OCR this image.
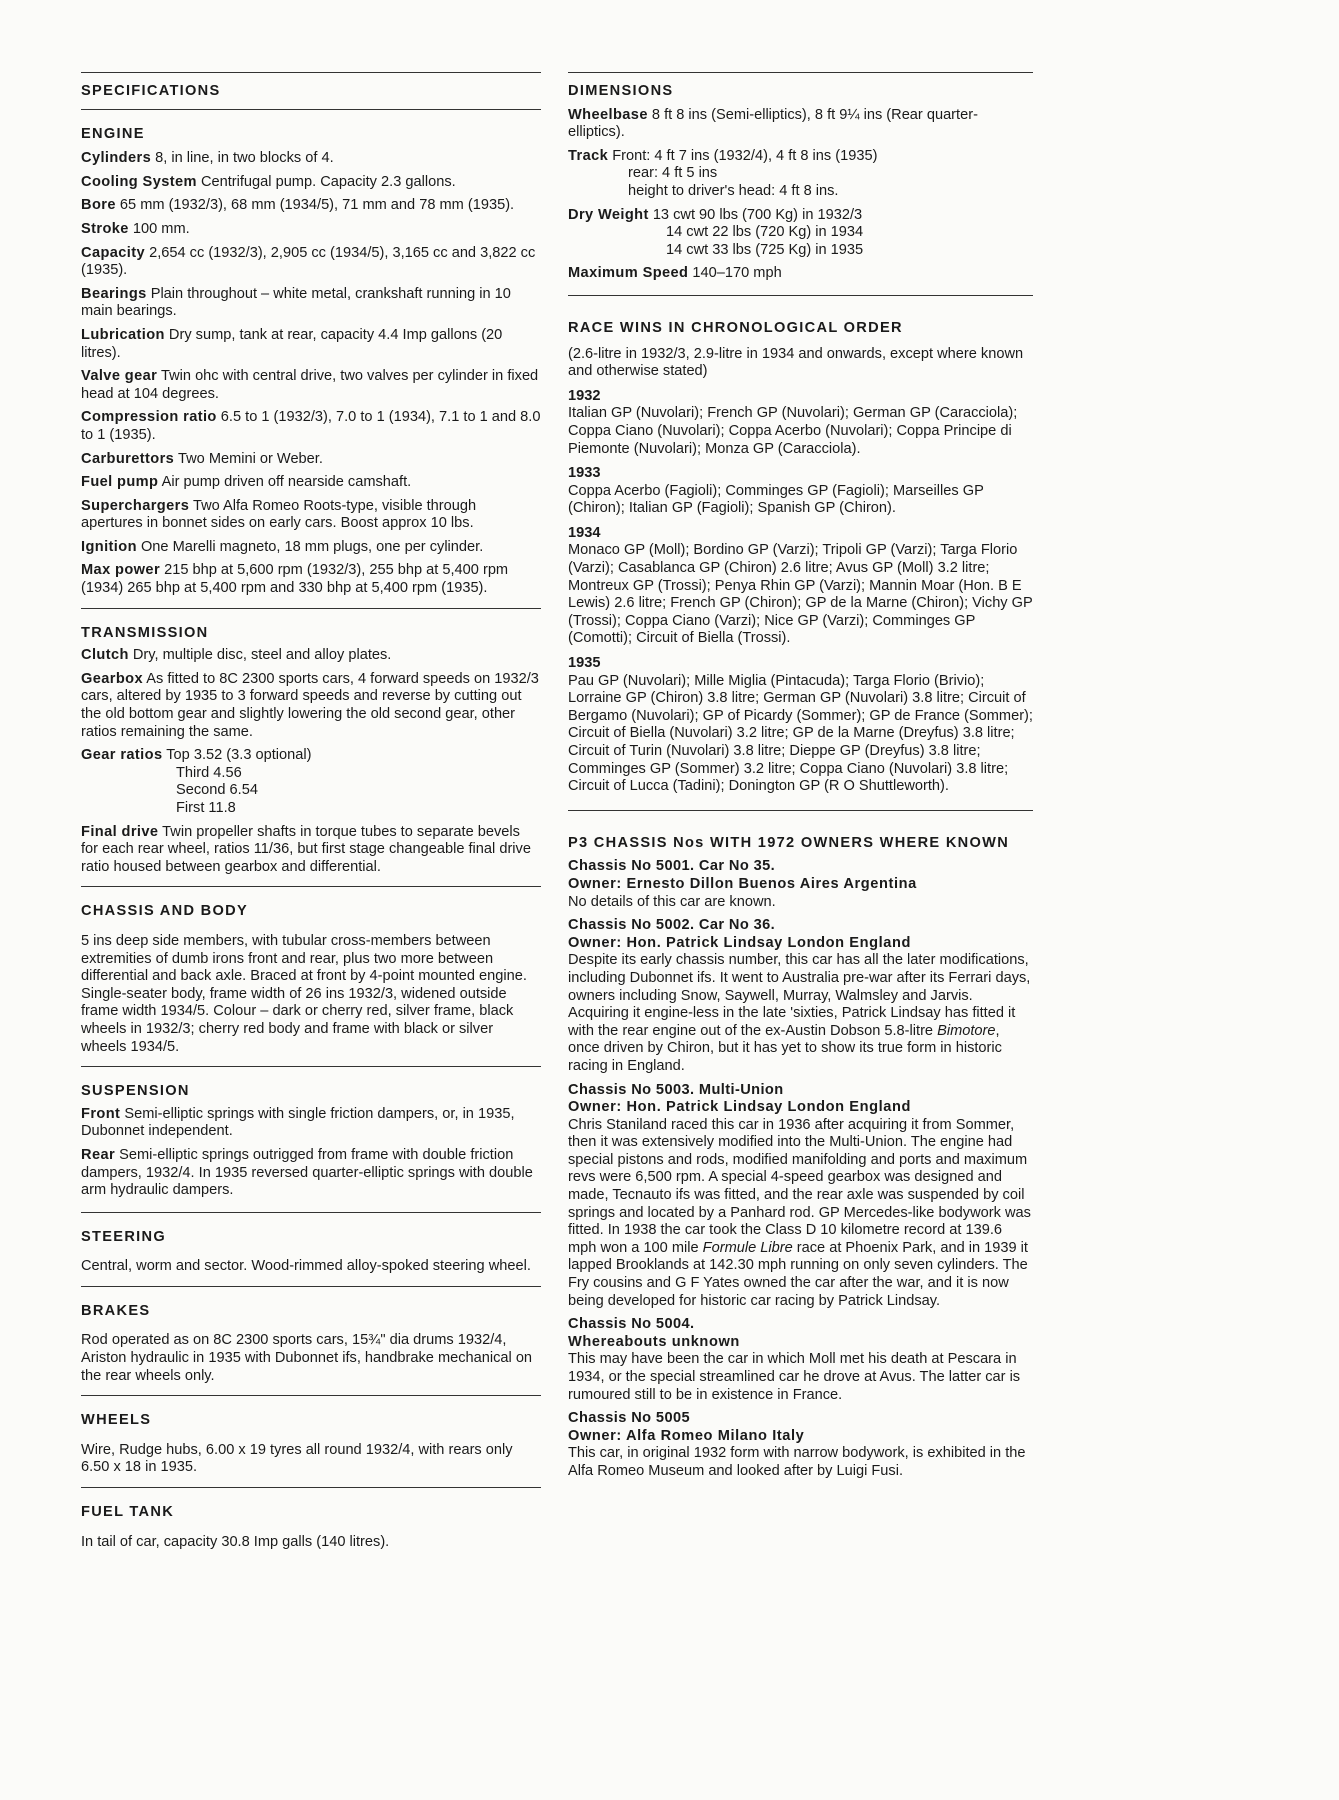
SPECIFICATIONS
ENGINE
Cylinders 8, in line, in two blocks of 4.
Cooling System Centrifugal pump. Capacity 2.3 gallons.
Bore 65 mm (1932/3), 68 mm (1934/5), 71 mm and 78 mm (1935).
Stroke 100 mm.
Capacity 2,654 cc (1932/3), 2,905 cc (1934/5), 3,165 cc and 3,822 cc (1935).
Bearings Plain throughout – white metal, crankshaft running in 10 main bearings.
Lubrication Dry sump, tank at rear, capacity 4.4 Imp gallons (20 litres).
Valve gear Twin ohc with central drive, two valves per cylinder in fixed head at 104 degrees.
Compression ratio 6.5 to 1 (1932/3), 7.0 to 1 (1934), 7.1 to 1 and 8.0 to 1 (1935).
Carburettors Two Memini or Weber.
Fuel pump Air pump driven off nearside camshaft.
Superchargers Two Alfa Romeo Roots-type, visible through apertures in bonnet sides on early cars. Boost approx 10 lbs.
Ignition One Marelli magneto, 18 mm plugs, one per cylinder.
Max power 215 bhp at 5,600 rpm (1932/3), 255 bhp at 5,400 rpm (1934) 265 bhp at 5,400 rpm and 330 bhp at 5,400 rpm (1935).
TRANSMISSION
Clutch Dry, multiple disc, steel and alloy plates.
Gearbox As fitted to 8C 2300 sports cars, 4 forward speeds on 1932/3 cars, altered by 1935 to 3 forward speeds and reverse by cutting out the old bottom gear and slightly lowering the old second gear, other ratios remaining the same.
Gear ratios Top 3.52 (3.3 optional)
Third 4.56
Second 6.54
First 11.8
Final drive Twin propeller shafts in torque tubes to separate bevels for each rear wheel, ratios 11/36, but first stage changeable final drive ratio housed between gearbox and differential.
CHASSIS AND BODY
5 ins deep side members, with tubular cross-members between extremities of dumb irons front and rear, plus two more between differential and back axle. Braced at front by 4-point mounted engine. Single-seater body, frame width of 26 ins 1932/3, widened outside frame width 1934/5. Colour – dark or cherry red, silver frame, black wheels in 1932/3; cherry red body and frame with black or silver wheels 1934/5.
SUSPENSION
Front Semi-elliptic springs with single friction dampers, or, in 1935, Dubonnet independent.
Rear Semi-elliptic springs outrigged from frame with double friction dampers, 1932/4. In 1935 reversed quarter-elliptic springs with double arm hydraulic dampers.
STEERING
Central, worm and sector. Wood-rimmed alloy-spoked steering wheel.
BRAKES
Rod operated as on 8C 2300 sports cars, 15¾" dia drums 1932/4, Ariston hydraulic in 1935 with Dubonnet ifs, handbrake mechanical on the rear wheels only.
WHEELS
Wire, Rudge hubs, 6.00 x 19 tyres all round 1932/4, with rears only 6.50 x 18 in 1935.
FUEL TANK
In tail of car, capacity 30.8 Imp galls (140 litres).
DIMENSIONS
Wheelbase 8 ft 8 ins (Semi-elliptics), 8 ft 9¼ ins (Rear quarter-elliptics).
Track Front: 4 ft 7 ins (1932/4), 4 ft 8 ins (1935)
rear: 4 ft 5 ins
height to driver's head: 4 ft 8 ins.
Dry Weight 13 cwt 90 lbs (700 Kg) in 1932/3
14 cwt 22 lbs (720 Kg) in 1934
14 cwt 33 lbs (725 Kg) in 1935
Maximum Speed 140–170 mph
RACE WINS IN CHRONOLOGICAL ORDER
(2.6-litre in 1932/3, 2.9-litre in 1934 and onwards, except where known and otherwise stated)
1932
Italian GP (Nuvolari); French GP (Nuvolari); German GP (Caracciola); Coppa Ciano (Nuvolari); Coppa Acerbo (Nuvolari); Coppa Principe di Piemonte (Nuvolari); Monza GP (Caracciola).
1933
Coppa Acerbo (Fagioli); Comminges GP (Fagioli); Marseilles GP (Chiron); Italian GP (Fagioli); Spanish GP (Chiron).
1934
Monaco GP (Moll); Bordino GP (Varzi); Tripoli GP (Varzi); Targa Florio (Varzi); Casablanca GP (Chiron) 2.6 litre; Avus GP (Moll) 3.2 litre; Montreux GP (Trossi); Penya Rhin GP (Varzi); Mannin Moar (Hon. B E Lewis) 2.6 litre; French GP (Chiron); GP de la Marne (Chiron); Vichy GP (Trossi); Coppa Ciano (Varzi); Nice GP (Varzi); Comminges GP (Comotti); Circuit of Biella (Trossi).
1935
Pau GP (Nuvolari); Mille Miglia (Pintacuda); Targa Florio (Brivio); Lorraine GP (Chiron) 3.8 litre; German GP (Nuvolari) 3.8 litre; Circuit of Bergamo (Nuvolari); GP of Picardy (Sommer); GP de France (Sommer); Circuit of Biella (Nuvolari) 3.2 litre; GP de la Marne (Dreyfus) 3.8 litre; Circuit of Turin (Nuvolari) 3.8 litre; Dieppe GP (Dreyfus) 3.8 litre; Comminges GP (Sommer) 3.2 litre; Coppa Ciano (Nuvolari) 3.8 litre; Circuit of Lucca (Tadini); Donington GP (R O Shuttleworth).
P3 CHASSIS Nos WITH 1972 OWNERS WHERE KNOWN
Chassis No 5001. Car No 35.
Owner: Ernesto Dillon Buenos Aires Argentina
No details of this car are known.
Chassis No 5002. Car No 36.
Owner: Hon. Patrick Lindsay London England
Despite its early chassis number, this car has all the later modifications, including Dubonnet ifs. It went to Australia pre-war after its Ferrari days, owners including Snow, Saywell, Murray, Walmsley and Jarvis. Acquiring it engine-less in the late 'sixties, Patrick Lindsay has fitted it with the rear engine out of the ex-Austin Dobson 5.8-litre Bimotore, once driven by Chiron, but it has yet to show its true form in historic racing in England.
Chassis No 5003. Multi-Union
Owner: Hon. Patrick Lindsay London England
Chris Staniland raced this car in 1936 after acquiring it from Sommer, then it was extensively modified into the Multi-Union. The engine had special pistons and rods, modified manifolding and ports and maximum revs were 6,500 rpm. A special 4-speed gearbox was designed and made, Tecnauto ifs was fitted, and the rear axle was suspended by coil springs and located by a Panhard rod. GP Mercedes-like bodywork was fitted. In 1938 the car took the Class D 10 kilometre record at 139.6 mph won a 100 mile Formule Libre race at Phoenix Park, and in 1939 it lapped Brooklands at 142.30 mph running on only seven cylinders. The Fry cousins and G F Yates owned the car after the war, and it is now being developed for historic car racing by Patrick Lindsay.
Chassis No 5004.
Whereabouts unknown
This may have been the car in which Moll met his death at Pescara in 1934, or the special streamlined car he drove at Avus. The latter car is rumoured still to be in existence in France.
Chassis No 5005
Owner: Alfa Romeo Milano Italy
This car, in original 1932 form with narrow bodywork, is exhibited in the Alfa Romeo Museum and looked after by Luigi Fusi.
